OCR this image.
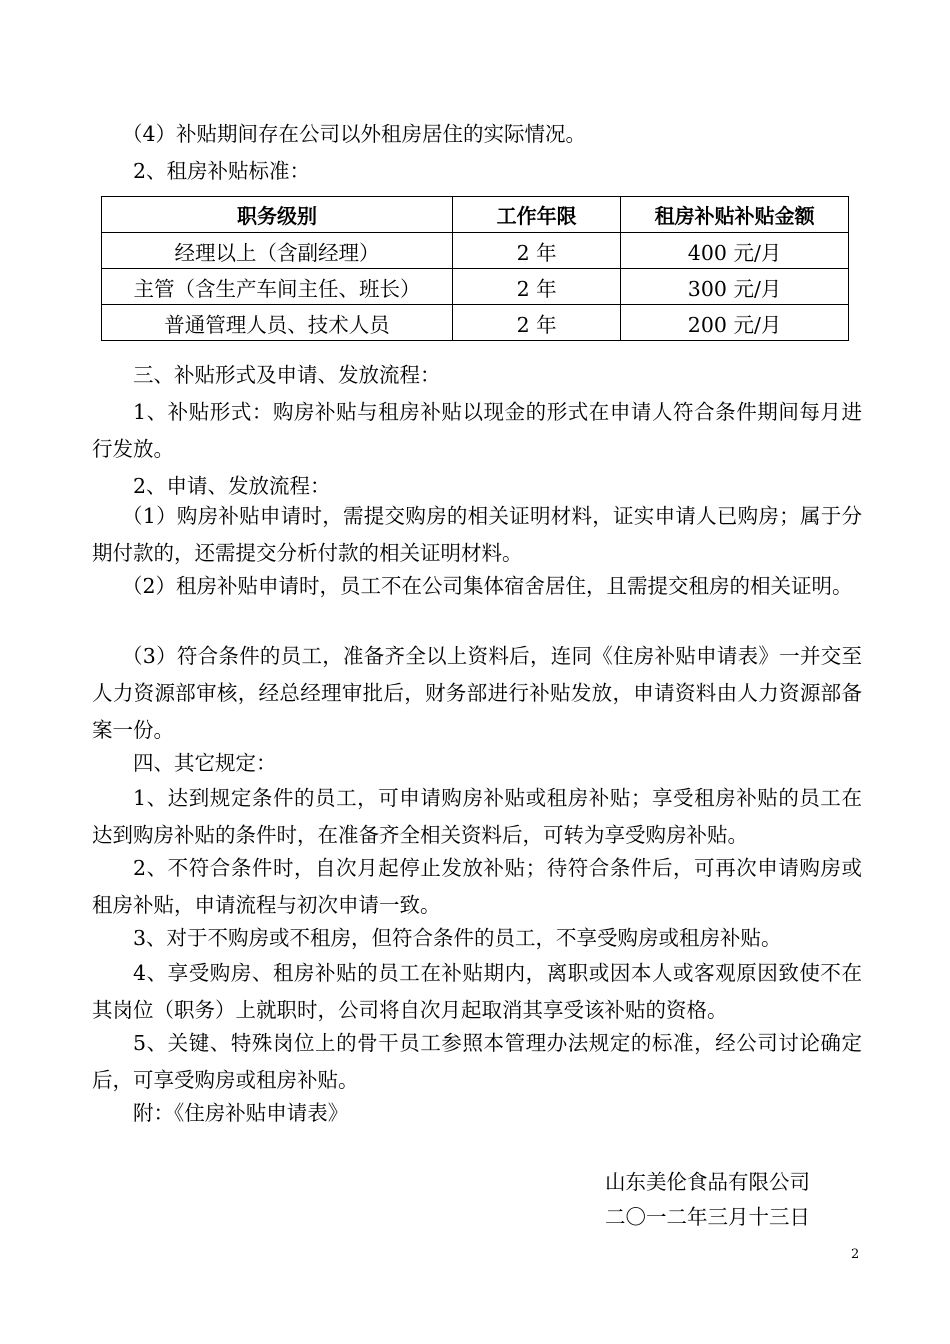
（4）补贴期间存在公司以外租房居住的实际情况。

2、租房补贴标准：

职务级别	工作年限	租房补贴补贴金额
经理以上（含副经理）	2 年	400 元/月
主管（含生产车间主任、班长）	2 年	300 元/月
普通管理人员、技术人员	2 年	200 元/月

三、补贴形式及申请、发放流程：

1、补贴形式：购房补贴与租房补贴以现金的形式在申请人符合条件期间每月进行发放。

2、申请、发放流程：

（1）购房补贴申请时，需提交购房的相关证明材料，证实申请人已购房；属于分期付款的，还需提交分析付款的相关证明材料。

（2）租房补贴申请时，员工不在公司集体宿舍居住，且需提交租房的相关证明。

（3）符合条件的员工，准备齐全以上资料后，连同《住房补贴申请表》一并交至人力资源部审核，经总经理审批后，财务部进行补贴发放，申请资料由人力资源部备案一份。

四、其它规定：

1、达到规定条件的员工，可申请购房补贴或租房补贴；享受租房补贴的员工在达到购房补贴的条件时，在准备齐全相关资料后，可转为享受购房补贴。

2、不符合条件时，自次月起停止发放补贴；待符合条件后，可再次申请购房或租房补贴，申请流程与初次申请一致。

3、对于不购房或不租房，但符合条件的员工，不享受购房或租房补贴。

4、享受购房、租房补贴的员工在补贴期内，离职或因本人或客观原因致使不在其岗位（职务）上就职时，公司将自次月起取消其享受该补贴的资格。

5、关键、特殊岗位上的骨干员工参照本管理办法规定的标准，经公司讨论确定后，可享受购房或租房补贴。

附：《住房补贴申请表》

山东美伦食品有限公司

二〇一二年三月十三日

2
